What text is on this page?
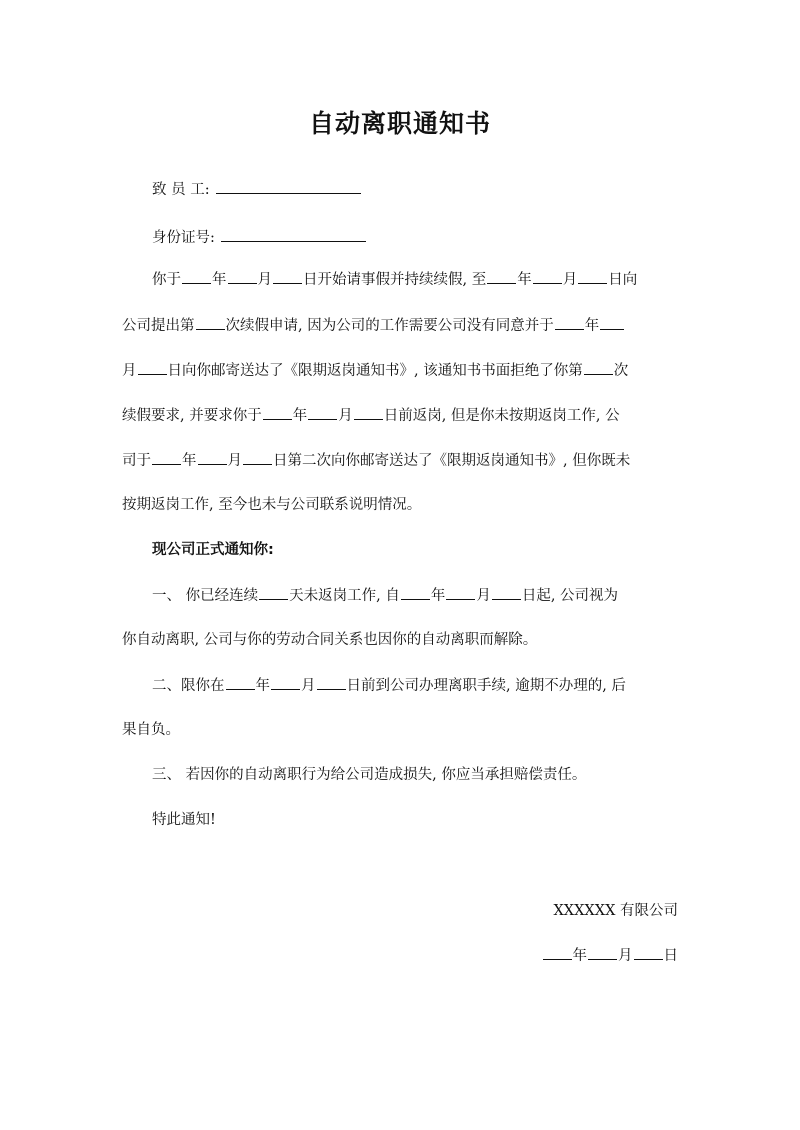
自动离职通知书
致 员 工:
身份证号:
你于 年 月 日开始请事假并持续续假, 至 年 月 日向
公司提出第 次续假申请, 因为公司的工作需要公司没有同意并于 年
月 日向你邮寄送达了《限期返岗通知书》, 该通知书书面拒绝了你第 次
续假要求, 并要求你于 年 月 日前返岗, 但是你未按期返岗工作, 公
司于 年 月 日第二次向你邮寄送达了《限期返岗通知书》, 但你既未
按期返岗工作, 至今也未与公司联系说明情况。
现公司正式通知你:
一、 你已经连续 天未返岗工作, 自 年 月 日起, 公司视为
你自动离职, 公司与你的劳动合同关系也因你的自动离职而解除。
二、限你在 年 月 日前到公司办理离职手续, 逾期不办理的, 后
果自负。
三、 若因你的自动离职行为给公司造成损失, 你应当承担赔偿责任。
特此通知!
XXXXXX 有限公司
年 月 日
